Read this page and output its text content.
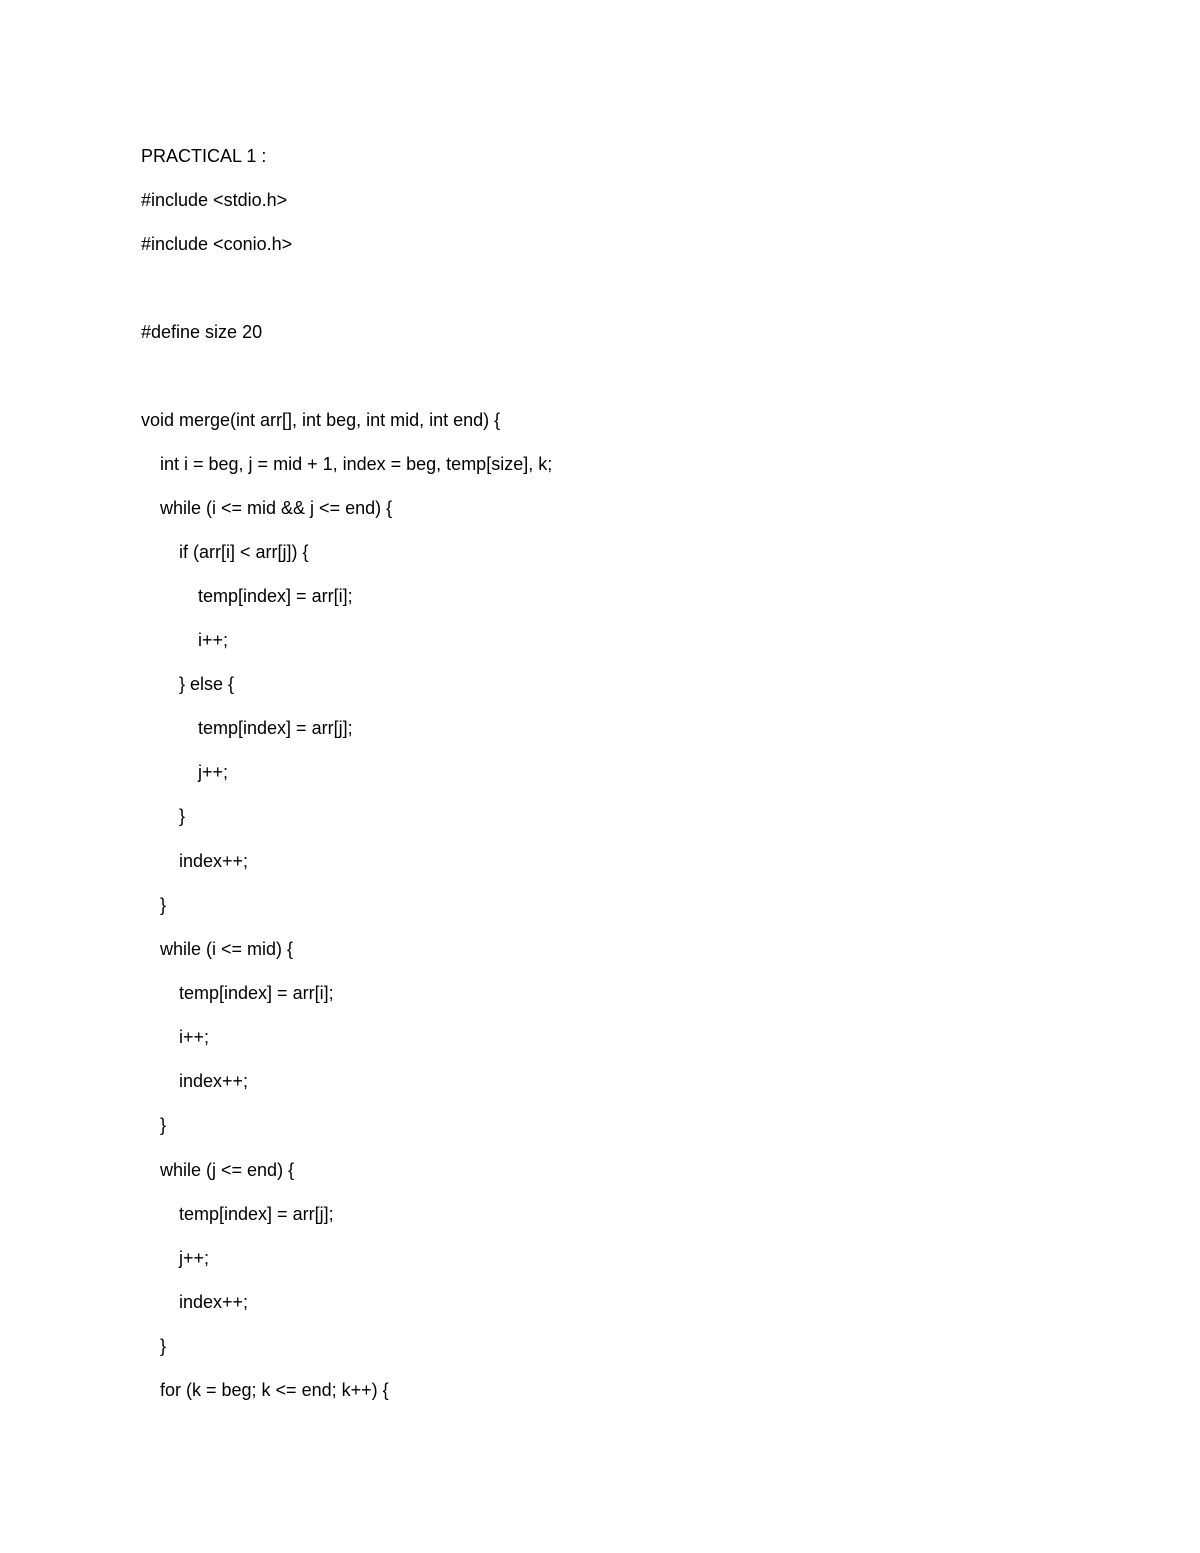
PRACTICAL 1 :
#include <stdio.h>
#include <conio.h>
#define size 20
void merge(int arr[], int beg, int mid, int end) {
int i = beg, j = mid + 1, index = beg, temp[size], k;
while (i <= mid && j <= end) {
if (arr[i] < arr[j]) {
temp[index] = arr[i];
i++;
} else {
temp[index] = arr[j];
j++;
}
index++;
}
while (i <= mid) {
temp[index] = arr[i];
i++;
index++;
}
while (j <= end) {
temp[index] = arr[j];
j++;
index++;
}
for (k = beg; k <= end; k++) {
